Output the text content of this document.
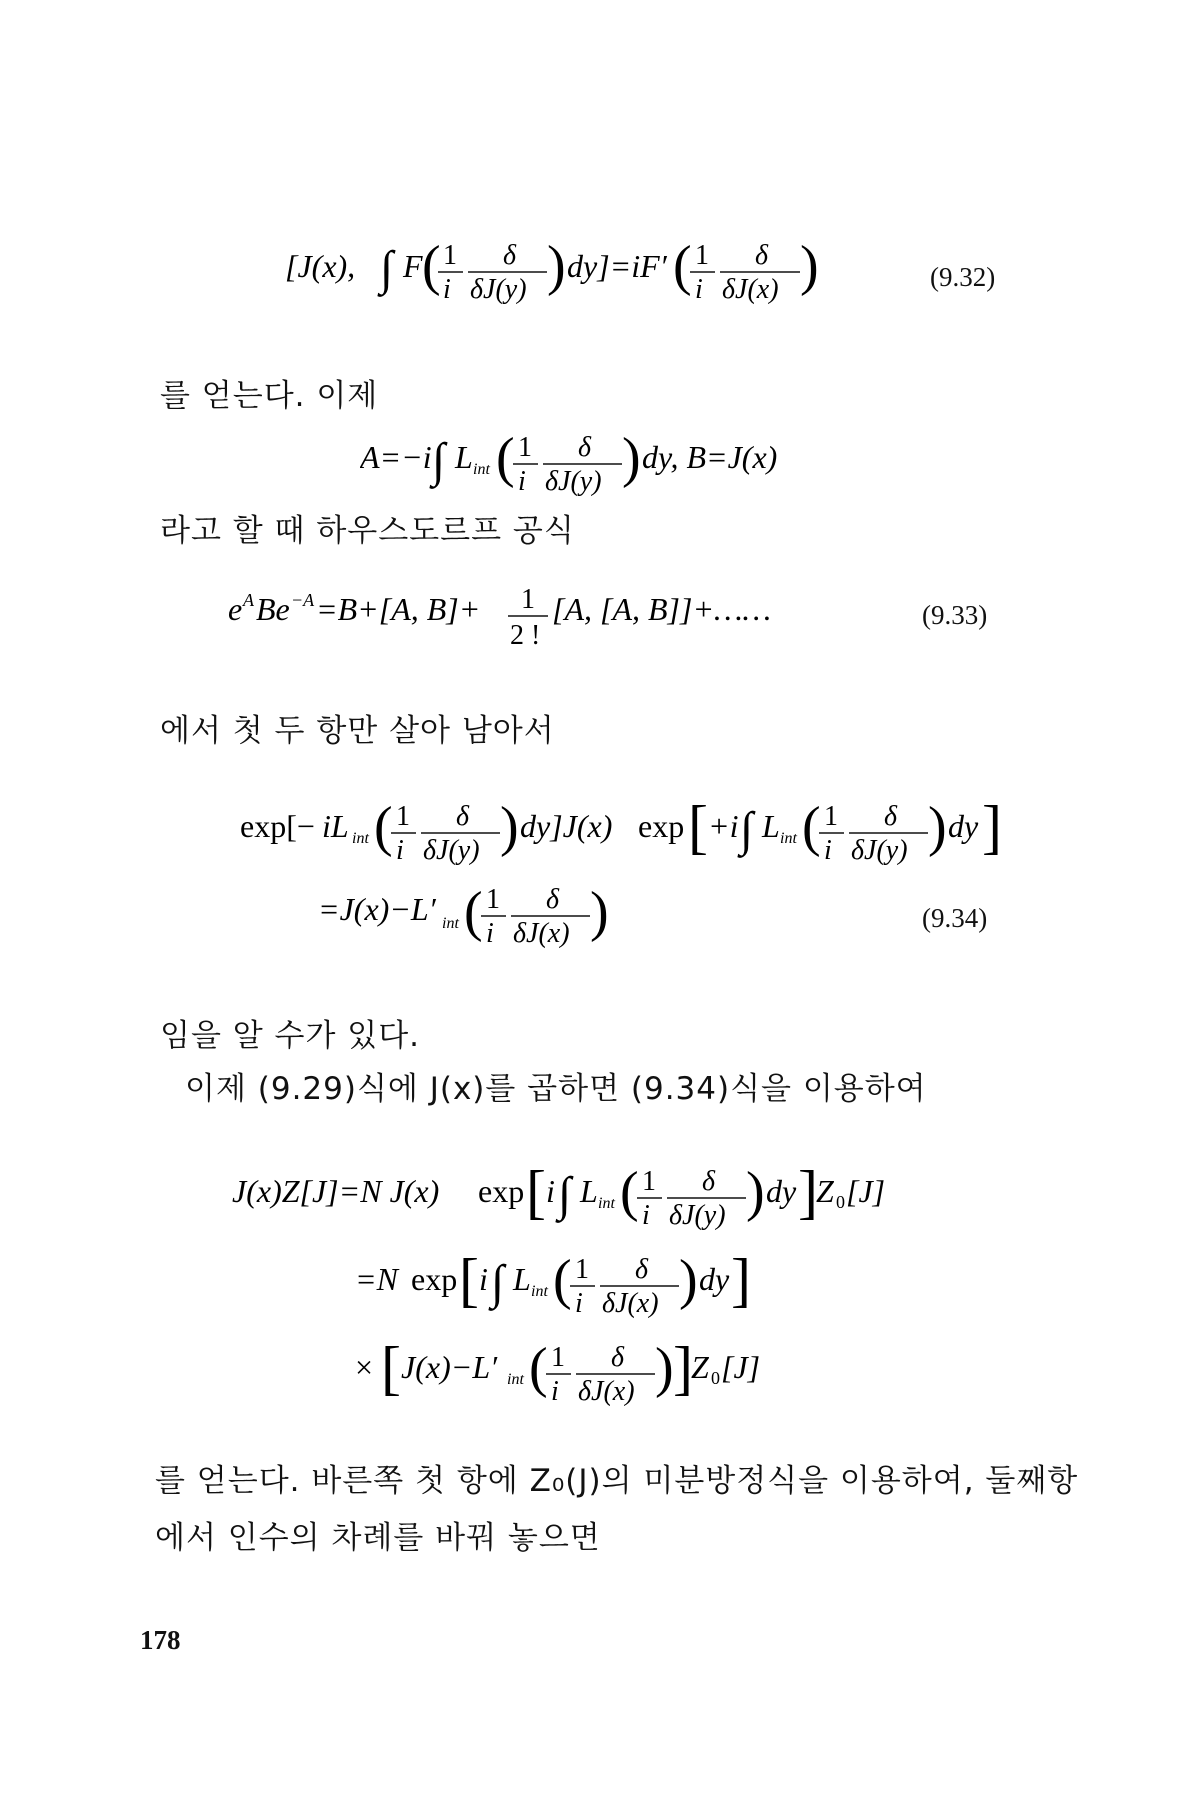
[J(x), ∫ F ( 1
i
δ
δJ(y) ) dy]=iF′ ( 1
i
δ
δJ(x) )	(9.32)
를 얻는다. 이제
A=−i ∫ L int ( 1
i
δ
δJ(y) ) dy, B=J(x)
라고 할 때 하우스도르프 공식
e A Be −A =B+[A, B]+ 1
2 !
[A, [A, B]]+……	(9.33)
에서 첫 두 항만 살아 남아서
exp[− iL int ( 1
i
δ
δJ(y) ) dy]J(x) exp [ +i ∫ L int ( 1
i
δ
δJ(y) ) dy ]
=J(x)−L′ int ( 1
i
δ
δJ(x) )	(9.34)
임을 알 수가 있다.
이제 (9.29)식에 J(x)를 곱하면 (9.34)식을 이용하여
J(x)Z[J]=N J(x) exp [ i ∫ L int ( 1
i
δ
δJ(y) ) dy ]
Z 0 [J]
=N exp [ i ∫ L int ( 1
i
δ
δJ(x) ) dy ]
× [ J(x)−L′ int ( 1
i
δ
δJ(x) ) ]
Z 0 [J]
를 얻는다. 바른쪽 첫 항에 Z₀(J)의 미분방정식을 이용하여, 둘째항
에서 인수의 차례를 바꿔 놓으면
178
